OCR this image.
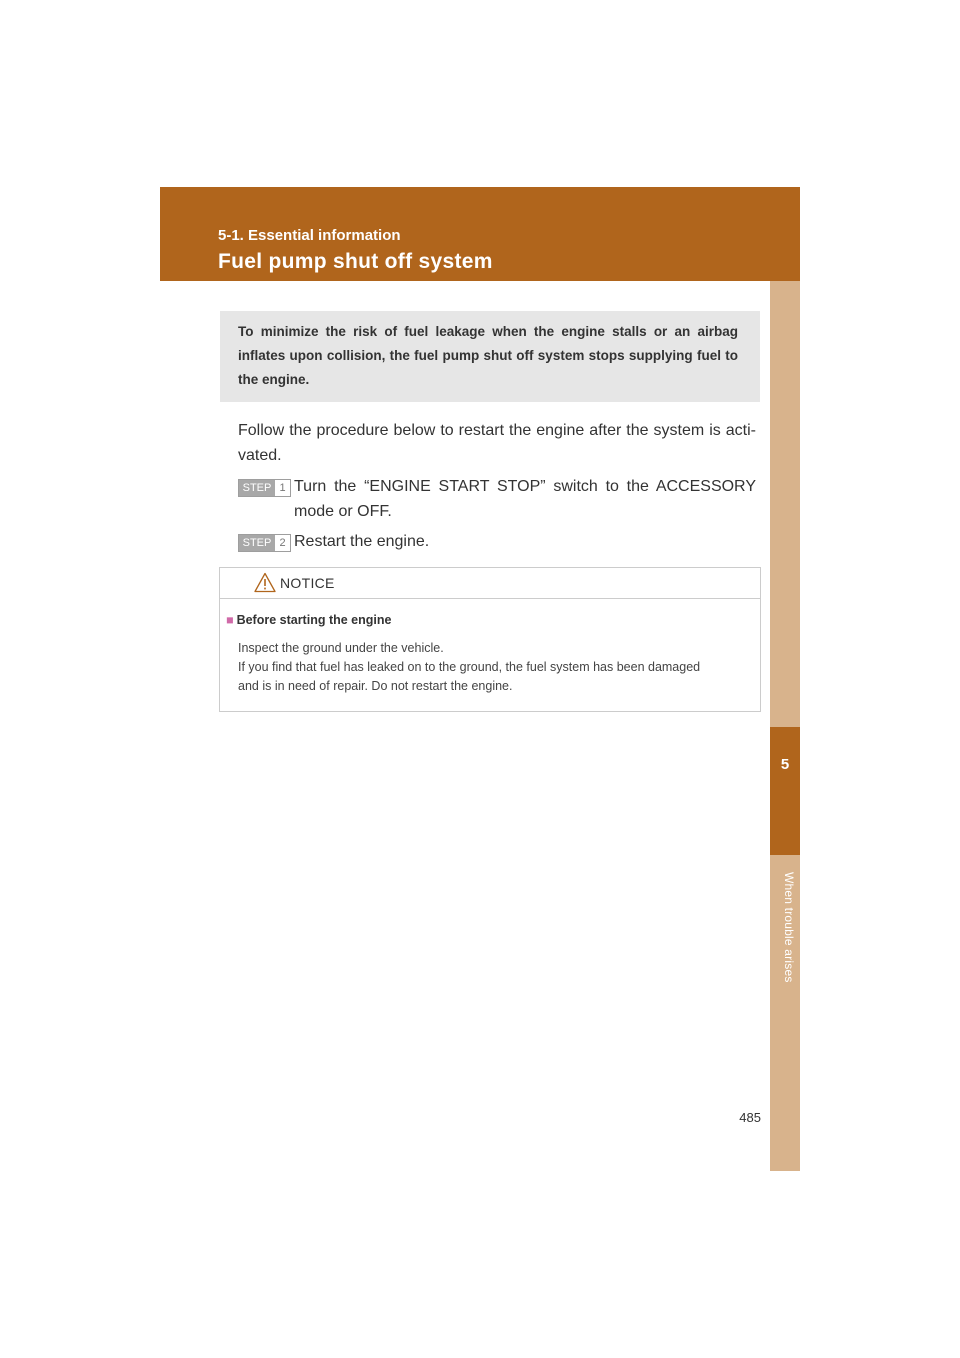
5-1. Essential information
Fuel pump shut off system
5
When trouble arises
To minimize the risk of fuel leakage when the engine stalls or an airbag inflates upon collision, the fuel pump shut off system stops supplying fuel to the engine.
Follow the procedure below to restart the engine after the system is acti-vated.
STEP 1 Turn the “ENGINE START STOP” switch to the ACCESSORY mode or OFF.
STEP 2 Restart the engine.
NOTICE
■ Before starting the engine
Inspect the ground under the vehicle.
If you find that fuel has leaked on to the ground, the fuel system has been damaged
and is in need of repair. Do not restart the engine.
485
